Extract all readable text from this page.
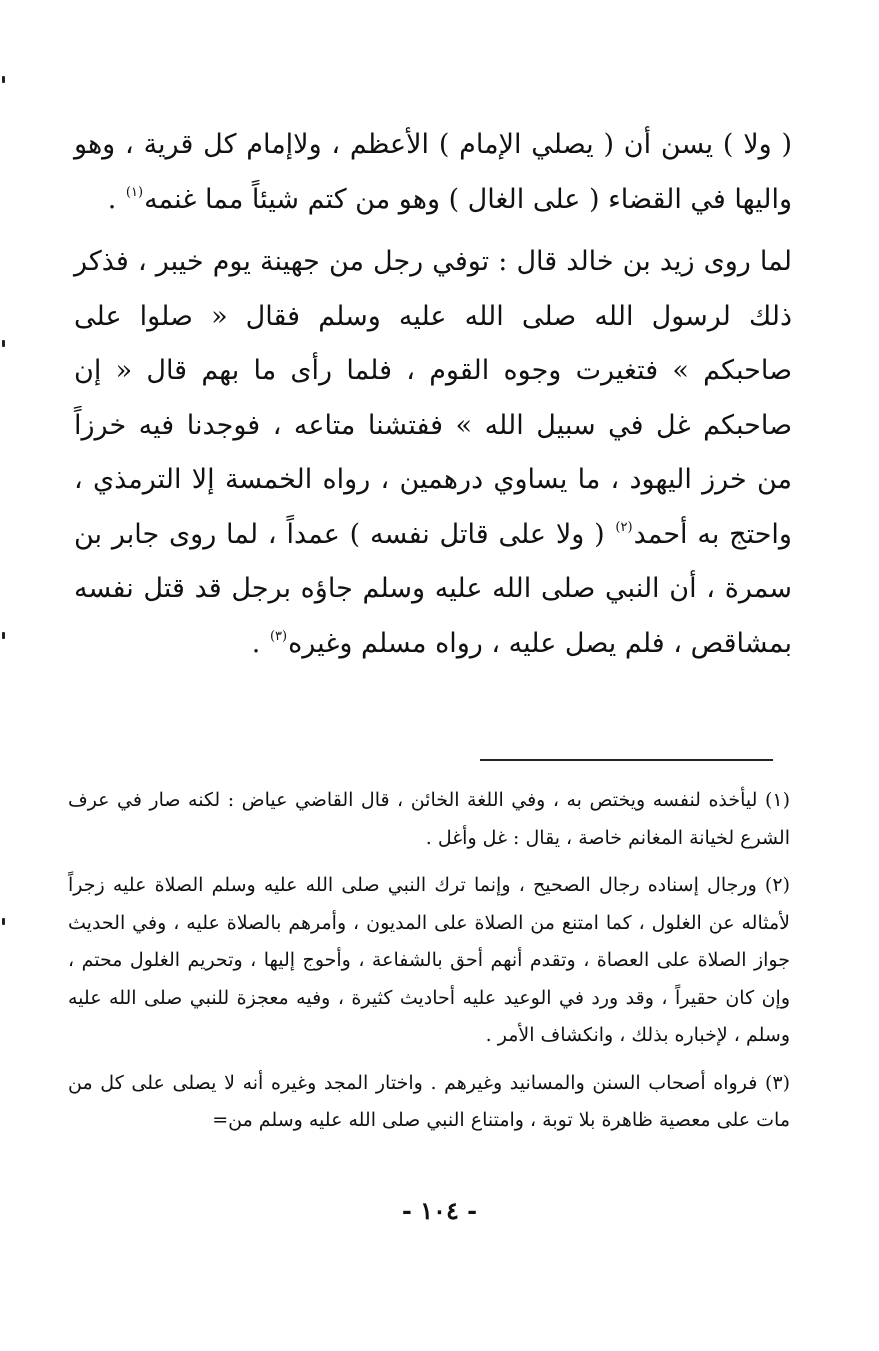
( ولا ) يسن أن ( يصلي الإمام ) الأعظم ، ولاإمام كل قرية ، وهو واليها في القضاء ( على الغال ) وهو من كتم شيئاً مما غنمه$^{(١)}$ .

لما روى زيد بن خالد قال : توفي رجل من جهينة يوم خيبر ، فذكر ذلك لرسول الله صلى الله عليه وسلم فقال « صلوا على صاحبكم » فتغيرت وجوه القوم ، فلما رأى ما بهم قال « إن صاحبكم غل في سبيل الله » ففتشنا متاعه ، فوجدنا فيه خرزاً من خرز اليهود ، ما يساوي درهمين ، رواه الخمسة إلا الترمذي ، واحتج به أحمد$^{(٢)}$ ( ولا على قاتل نفسه ) عمداً ، لما روى جابر بن سمرة ، أن النبي صلى الله عليه وسلم جاؤه برجل قد قتل نفسه بمشاقص ، فلم يصل عليه ، رواه مسلم وغيره$^{(٣)}$ .

(١) ليأخذه لنفسه ويختص به ، وفي اللغة الخائن ، قال القاضي عياض : لكنه صار في عرف الشرع لخيانة المغانم خاصة ، يقال : غل وأغل .

(٢) ورجال إسناده رجال الصحيح ، وإنما ترك النبي صلى الله عليه وسلم الصلاة عليه زجراً لأمثاله عن الغلول ، كما امتنع من الصلاة على المديون ، وأمرهم بالصلاة عليه ، وفي الحديث جواز الصلاة على العصاة ، وتقدم أنهم أحق بالشفاعة ، وأحوج إليها ، وتحريم الغلول محتم ، وإن كان حقيراً ، وقد ورد في الوعيد عليه أحاديث كثيرة ، وفيه معجزة للنبي صلى الله عليه وسلم ، لإخباره بذلك ، وانكشاف الأمر .

(٣) فرواه أصحاب السنن والمسانيد وغيرهم . واختار المجد وغيره أنه لا يصلى على كل من مات على معصية ظاهرة بلا توبة ، وامتناع النبي صلى الله عليه وسلم من=

- ١٠٤ -
